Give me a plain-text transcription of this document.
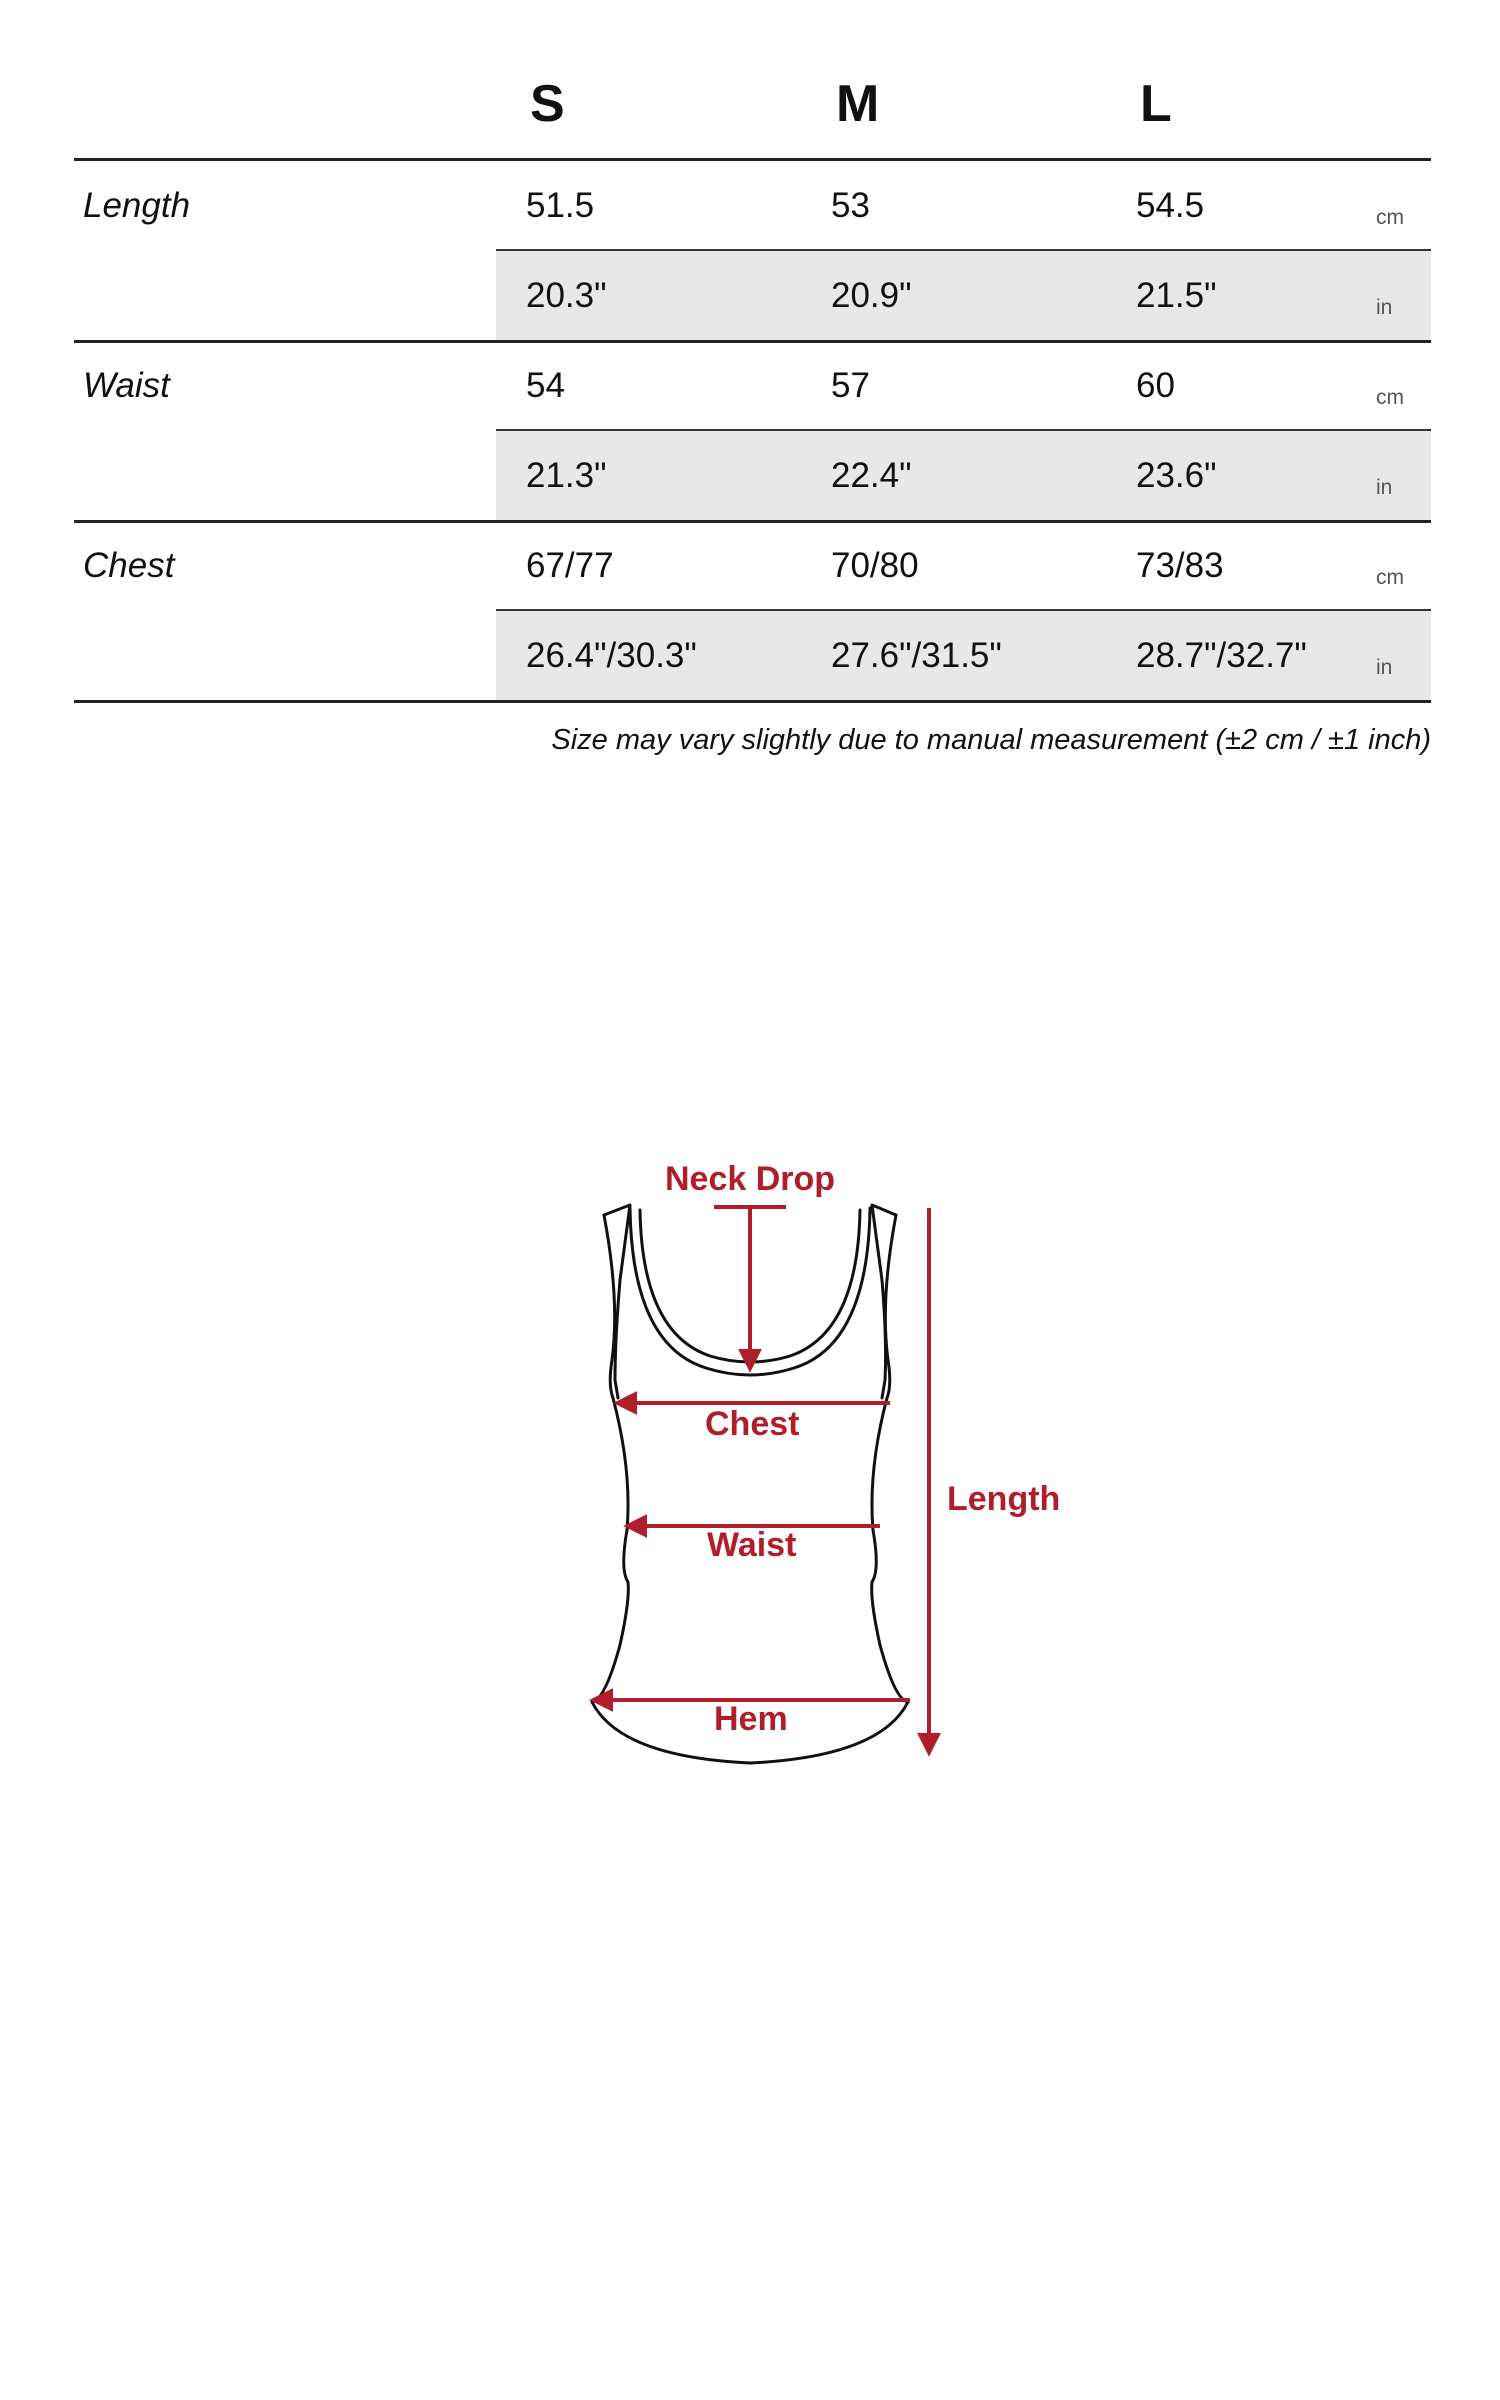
S	M	L
Length	51.5	53	54.5	cm
20.3"	20.9"	21.5"	in
Waist	54	57	60	cm
21.3"	22.4"	23.6"	in
Chest	67/77	70/80	73/83	cm
26.4"/30.3"	27.6"/31.5"	28.7"/32.7"	in
Size may vary slightly due to manual measurement (±2 cm / ±1 inch)
Neck Drop
Chest
Waist
Hem
Length
